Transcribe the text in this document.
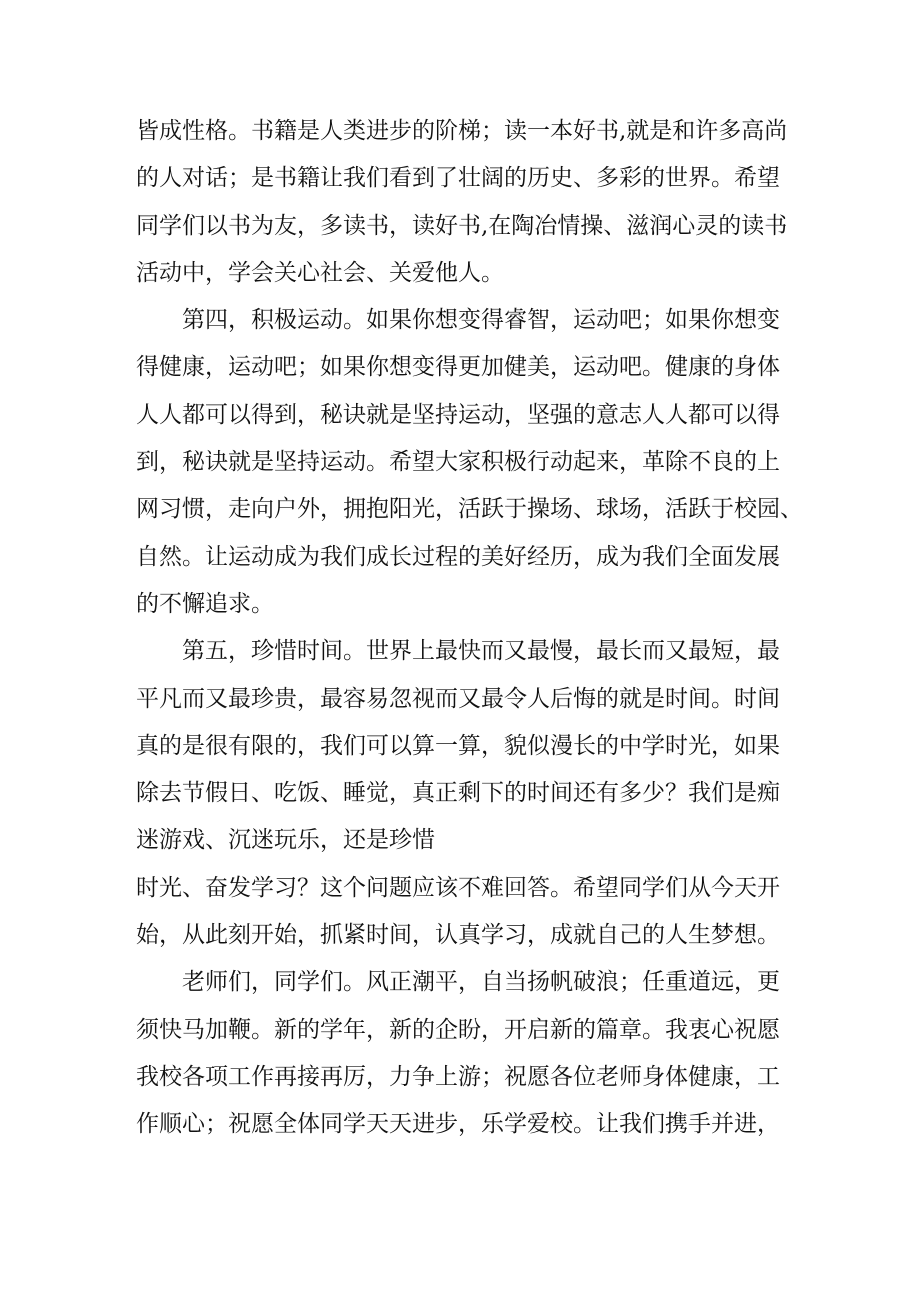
皆成性格。书籍是人类进步的阶梯；读一本好书,就是和许多高尚
的人对话；是书籍让我们看到了壮阔的历史、多彩的世界。希望
同学们以书为友，多读书，读好书,在陶冶情操、滋润心灵的读书
活动中，学会关心社会、关爱他人。
第四，积极运动。如果你想变得睿智，运动吧；如果你想变
得健康，运动吧；如果你想变得更加健美，运动吧。健康的身体
人人都可以得到，秘诀就是坚持运动，坚强的意志人人都可以得
到，秘诀就是坚持运动。希望大家积极行动起来，革除不良的上
网习惯，走向户外，拥抱阳光，活跃于操场、球场，活跃于校园、
自然。让运动成为我们成长过程的美好经历，成为我们全面发展
的不懈追求。
第五，珍惜时间。世界上最快而又最慢，最长而又最短，最
平凡而又最珍贵，最容易忽视而又最令人后悔的就是时间。时间
真的是很有限的，我们可以算一算，貌似漫长的中学时光，如果
除去节假日、吃饭、睡觉，真正剩下的时间还有多少？我们是痴
迷游戏、沉迷玩乐，还是珍惜
时光、奋发学习？这个问题应该不难回答。希望同学们从今天开
始，从此刻开始，抓紧时间，认真学习，成就自己的人生梦想。
老师们，同学们。风正潮平，自当扬帆破浪；任重道远，更
须快马加鞭。新的学年，新的企盼，开启新的篇章。我衷心祝愿
我校各项工作再接再厉，力争上游；祝愿各位老师身体健康，工
作顺心；祝愿全体同学天天进步，乐学爱校。让我们携手并进，
